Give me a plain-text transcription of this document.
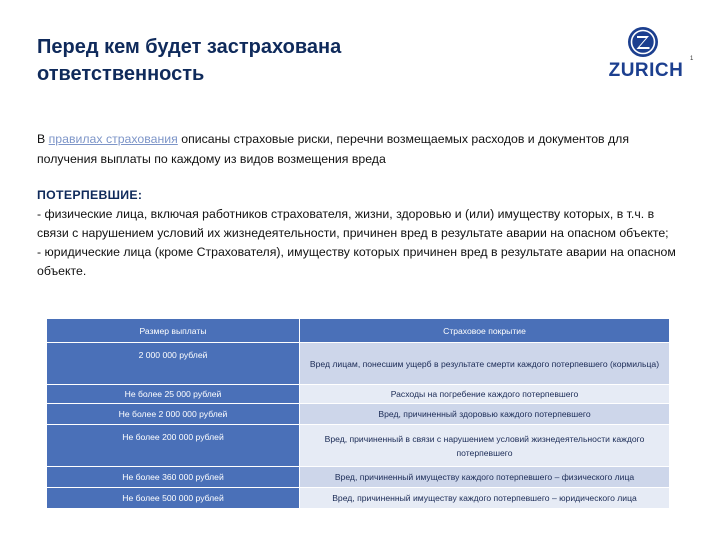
Перед кем будет застрахована
ответственность	ZURICH
1
В правилах страхования описаны страховые риски, перечни возмещаемых расходов и документов для получения выплаты по каждому из видов возмещения вреда

ПОТЕРПЕВШИЕ:

- физические лица, включая работников страхователя, жизни, здоровью и (или) имуществу которых, в т.ч. в связи с нарушением условий их жизнедеятельности, причинен вред в результате аварии на опасном объекте;

- юридические лица (кроме Страхователя), имуществу которых причинен вред в результате аварии на опасном объекте.

Размер выплаты	Страховое покрытие
2 000 000 рублей	Вред лицам, понесшим ущерб в результате смерти каждого потерпевшего (кормильца)
Не более 25 000 рублей	Расходы на погребение каждого потерпевшего
Не более 2 000 000 рублей	Вред, причиненный здоровью каждого потерпевшего
Не более 200 000 рублей	Вред, причиненный в связи с нарушением условий жизнедеятельности каждого потерпевшего
Не более 360 000 рублей	Вред, причиненный имуществу каждого потерпевшего – физического лица
Не более 500 000 рублей	Вред, причиненный имуществу каждого потерпевшего – юридического лица
